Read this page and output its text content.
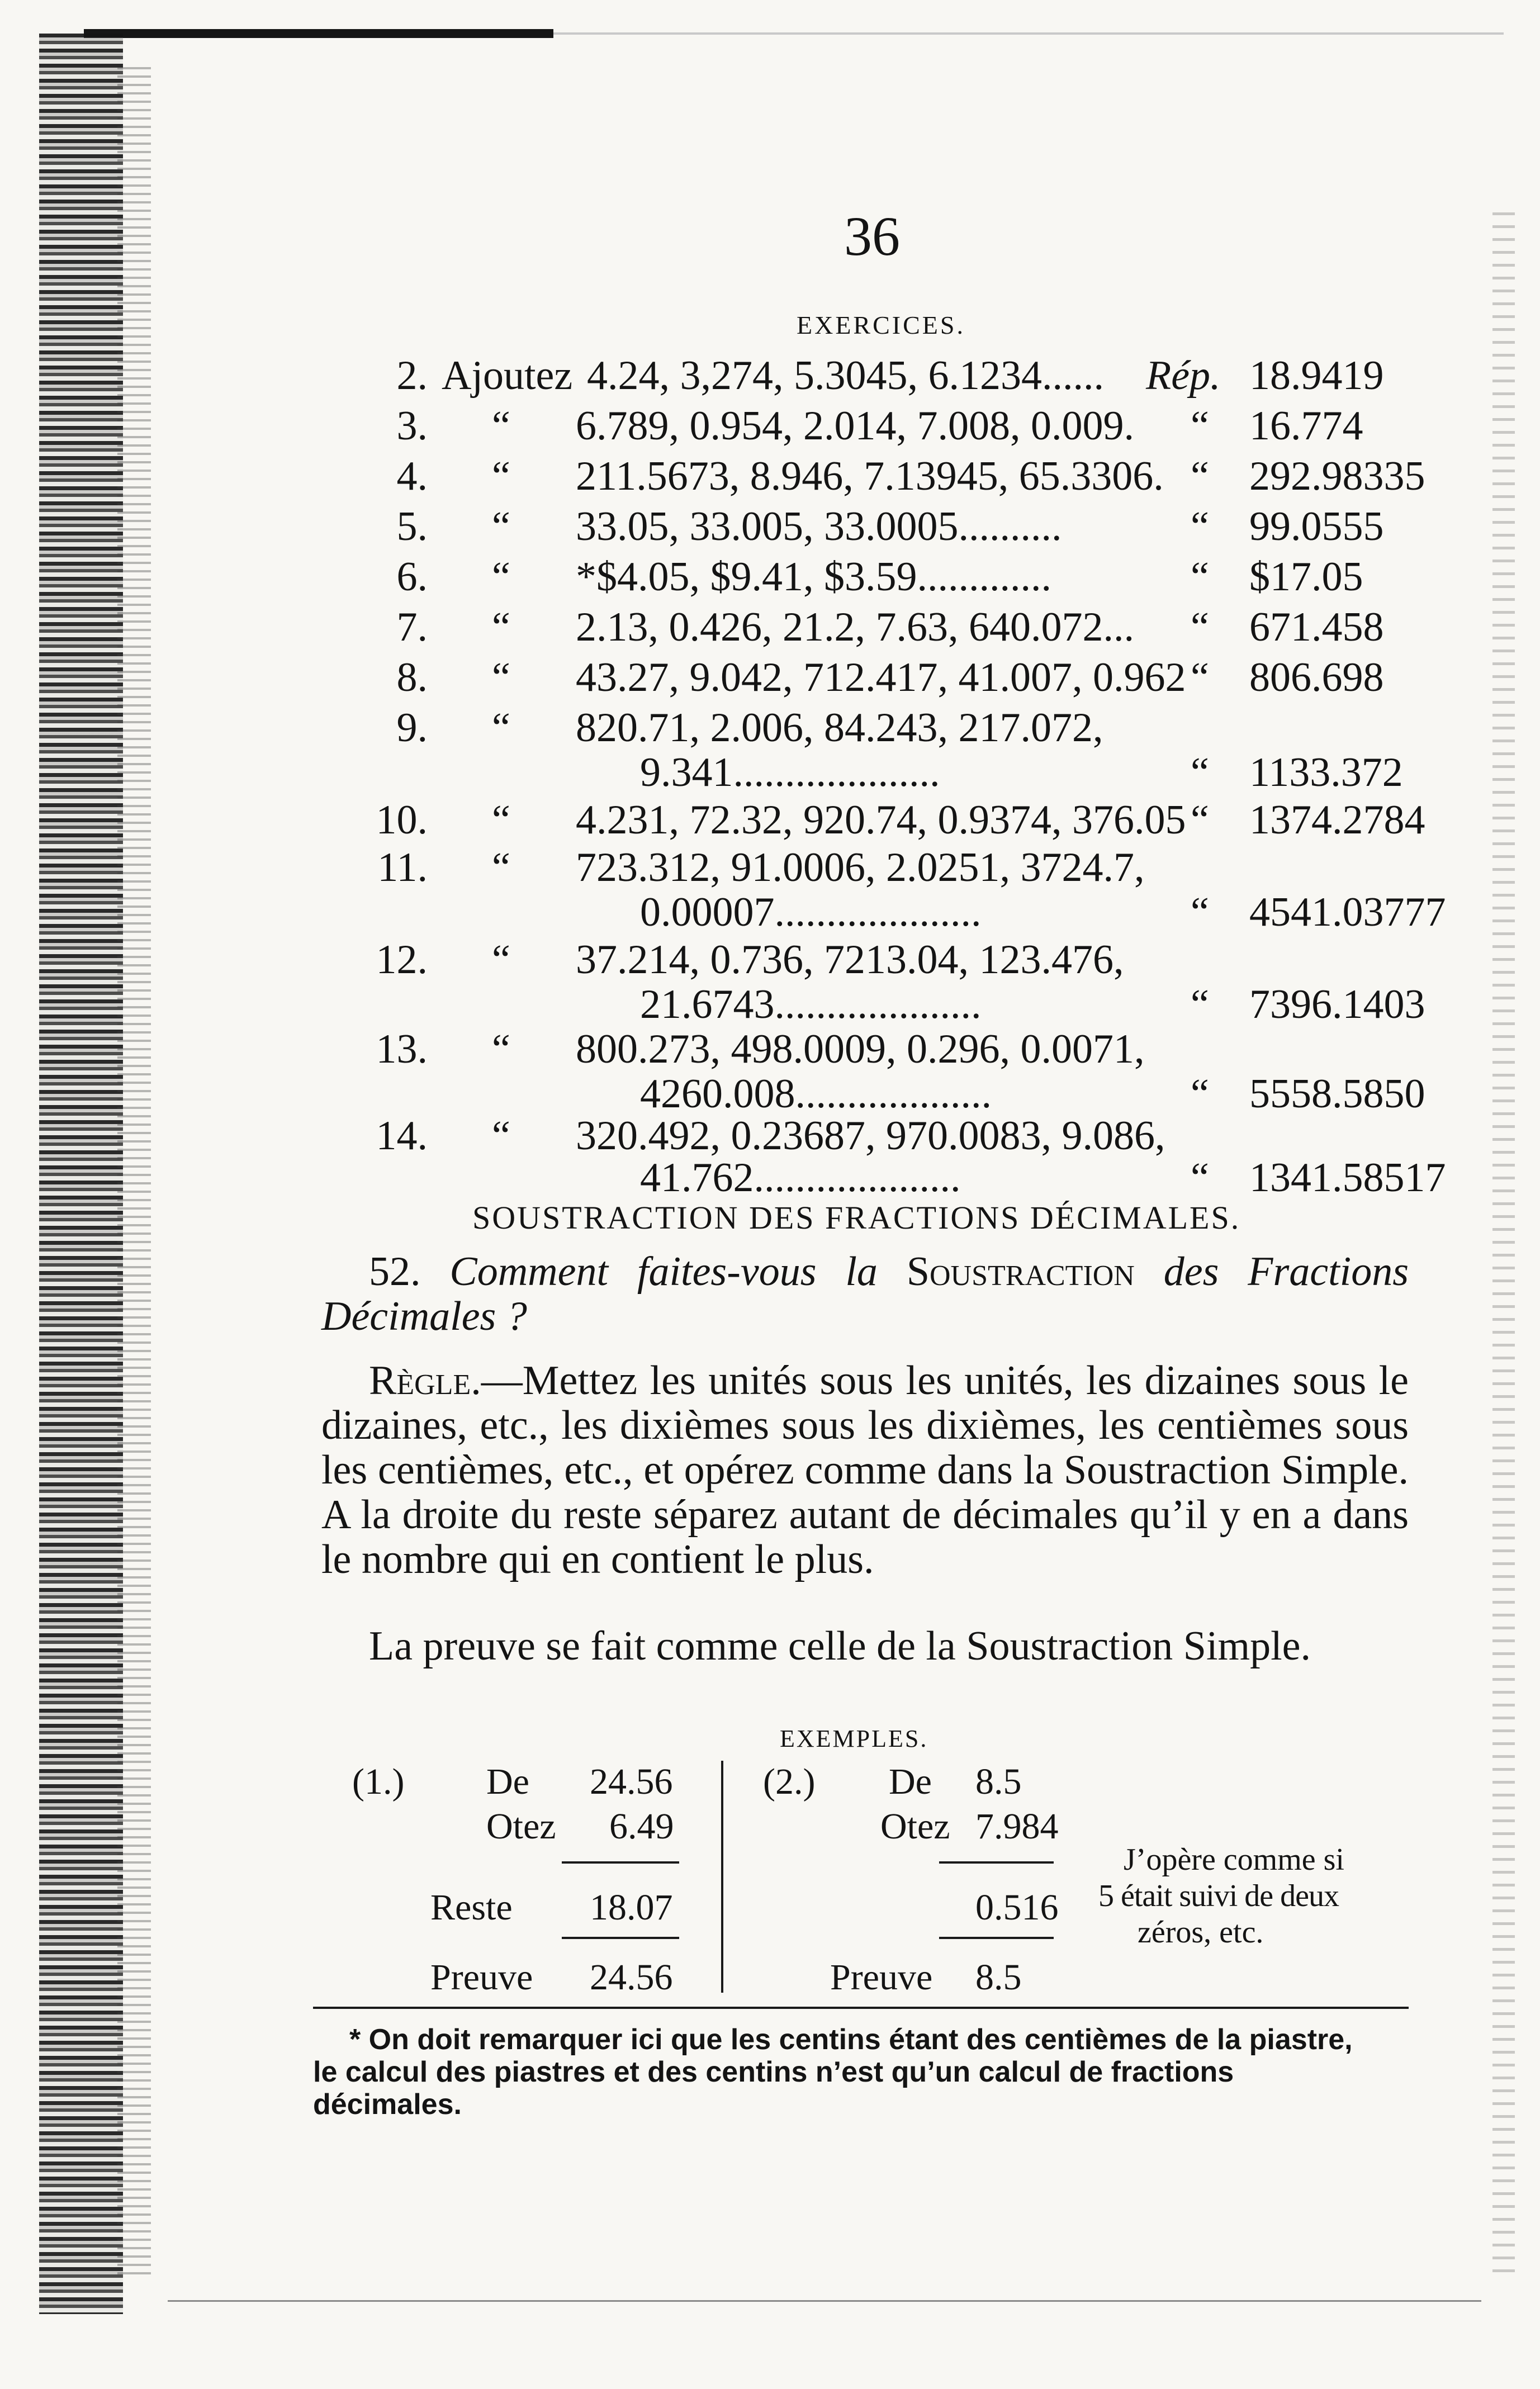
36
EXERCICES.
2. Ajoutez 4.24, 3,274, 5.3045, 6.1234...... Rép. 18.9419
3. “ 6.789, 0.954, 2.014, 7.008, 0.009. “ 16.774
4. “ 211.5673, 8.946, 7.13945, 65.3306. “ 292.98335
5. “ 33.05, 33.005, 33.0005..........	“ 99.0555
6. “ *$4.05, $9.41, $3.59.............	“ $17.05
7. “ 2.13, 0.426, 21.2, 7.63, 640.072... “ 671.458
8. “ 43.27, 9.042, 712.417, 41.007, 0.962 “ 806.698
9. “ 820.71, 2.006, 84.243, 217.072,
9.341....................	“ 1133.372
10. “ 4.231, 72.32, 920.74, 0.9374, 376.05 “ 1374.2784
11. “ 723.312, 91.0006, 2.0251, 3724.7,
0.00007....................	“ 4541.03777
12. “ 37.214, 0.736, 7213.04, 123.476,
21.6743....................	“ 7396.1403
13. “ 800.273, 498.0009, 0.296, 0.0071,
4260.008...................	“ 5558.5850
14. “ 320.492, 0.23687, 970.0083, 9.086,
41.762....................	“ 1341.58517
SOUSTRACTION DES FRACTIONS DÉCIMALES.
52. Comment faites-vous la Soustraction des Fractions Décimales ?
Règle.—Mettez les unités sous les unités, les dizaines sous le dizaines, etc., les dixièmes sous les dixièmes, les centièmes sous les centièmes, etc., et opérez comme dans la Soustraction Simple. A la droite du reste séparez autant de décimales qu’il y en a dans le nombre qui en contient le plus.
La preuve se fait comme celle de la Soustraction Simple.
EXEMPLES.
(1.) De 24.56
Otez 6.49
Reste 18.07
Preuve 24.56
(2.) De 8.5
Otez 7.984
0.516
Preuve 8.5
J’opère comme si
5 était suivi de deux
zéros, etc.
* On doit remarquer ici que les centins étant des centièmes de la piastre,
le calcul des piastres et des centins n’est qu’un calcul de fractions
décimales.
